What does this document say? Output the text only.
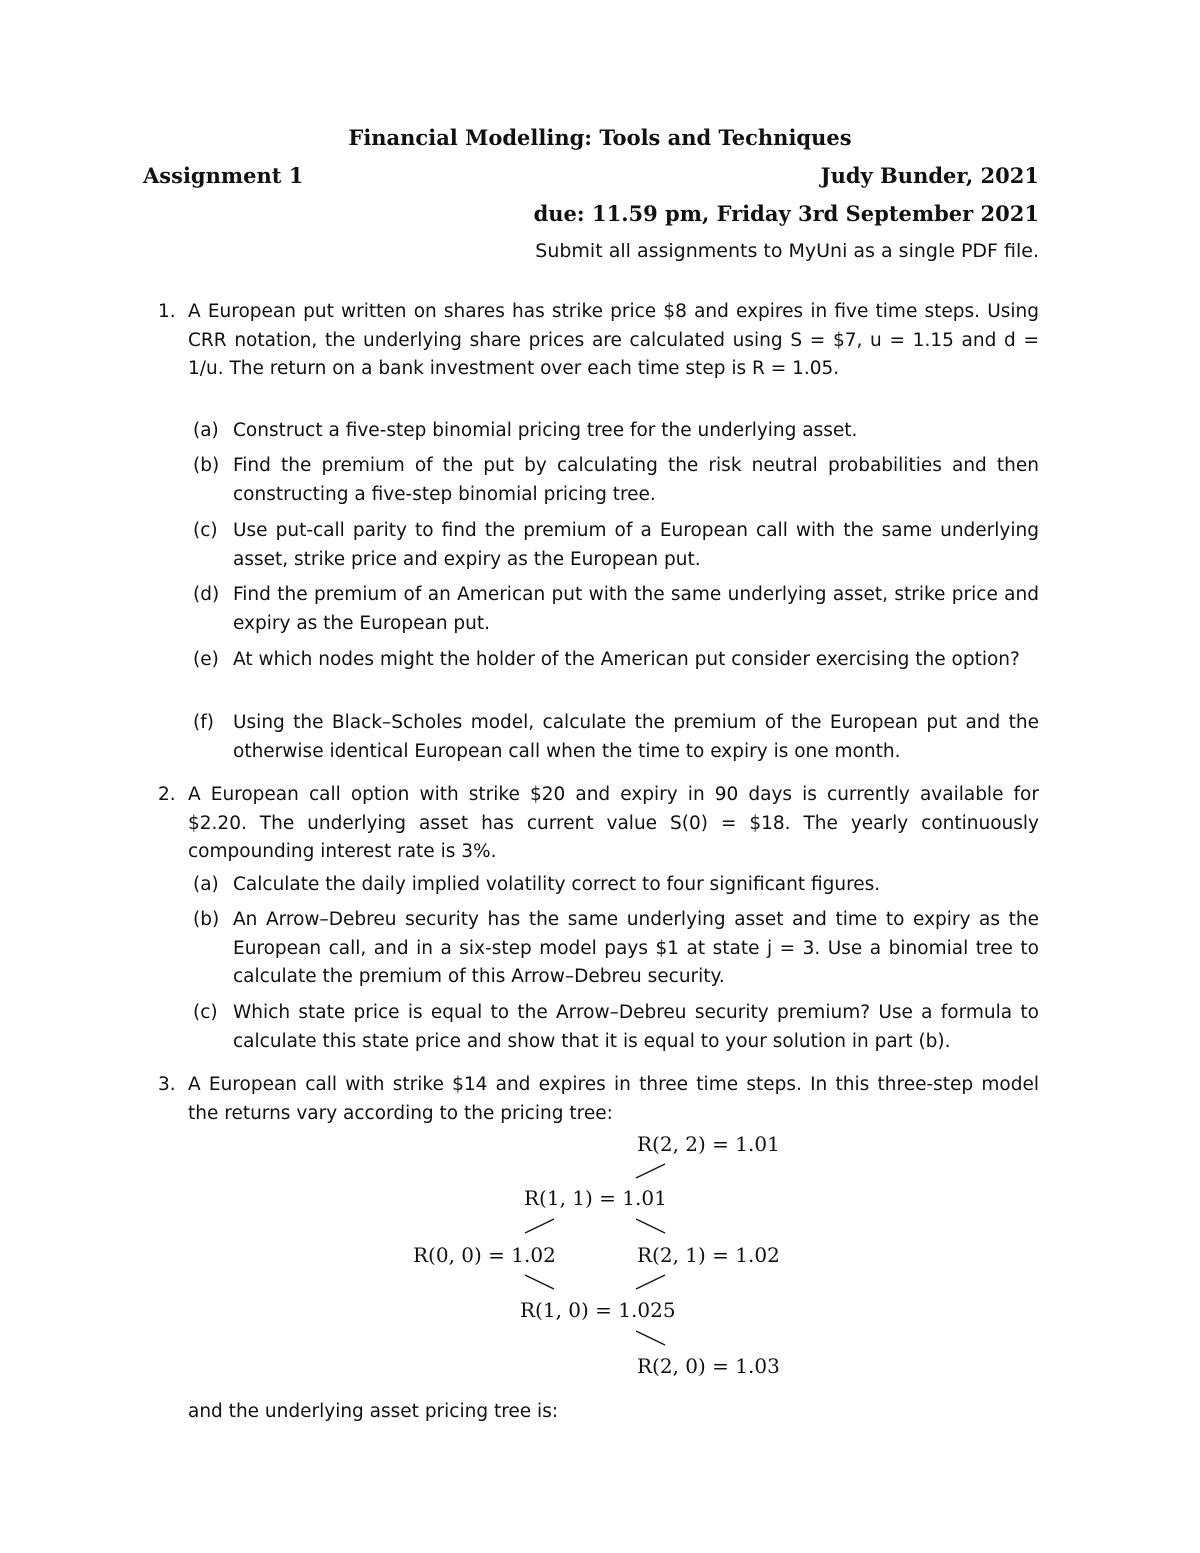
Financial Modelling: Tools and Techniques
Assignment 1	Judy Bunder, 2021
due: 11.59 pm, Friday 3rd September 2021
Submit all assignments to MyUni as a single PDF file.
1. A European put written on shares has strike price $8 and expires in five time steps. Using CRR notation, the underlying share prices are calculated using S = $7, u = 1.15 and d = 1/u. The return on a bank investment over each time step is R = 1.05.
(a) Construct a five-step binomial pricing tree for the underlying asset.
(b) Find the premium of the put by calculating the risk neutral probabilities and then constructing a five-step binomial pricing tree.
(c) Use put-call parity to find the premium of a European call with the same underlying asset, strike price and expiry as the European put.
(d) Find the premium of an American put with the same underlying asset, strike price and expiry as the European put.
(e) At which nodes might the holder of the American put consider exercising the option?
(f) Using the Black–Scholes model, calculate the premium of the European put and the otherwise identical European call when the time to expiry is one month.
2. A European call option with strike $20 and expiry in 90 days is currently available for $2.20. The underlying asset has current value S(0) = $18. The yearly continuously compounding interest rate is 3%.
(a) Calculate the daily implied volatility correct to four significant figures.
(b) An Arrow–Debreu security has the same underlying asset and time to expiry as the European call, and in a six-step model pays $1 at state j = 3. Use a binomial tree to calculate the premium of this Arrow–Debreu security.
(c) Which state price is equal to the Arrow–Debreu security premium? Use a formula to calculate this state price and show that it is equal to your solution in part (b).
3. A European call with strike $14 and expires in three time steps. In this three-step model the returns vary according to the pricing tree:
R(2, 2) = 1.01
R(1, 1) = 1.01
R(0, 0) = 1.02	R(2, 1) = 1.02
R(1, 0) = 1.025
R(2, 0) = 1.03
and the underlying asset pricing tree is:
